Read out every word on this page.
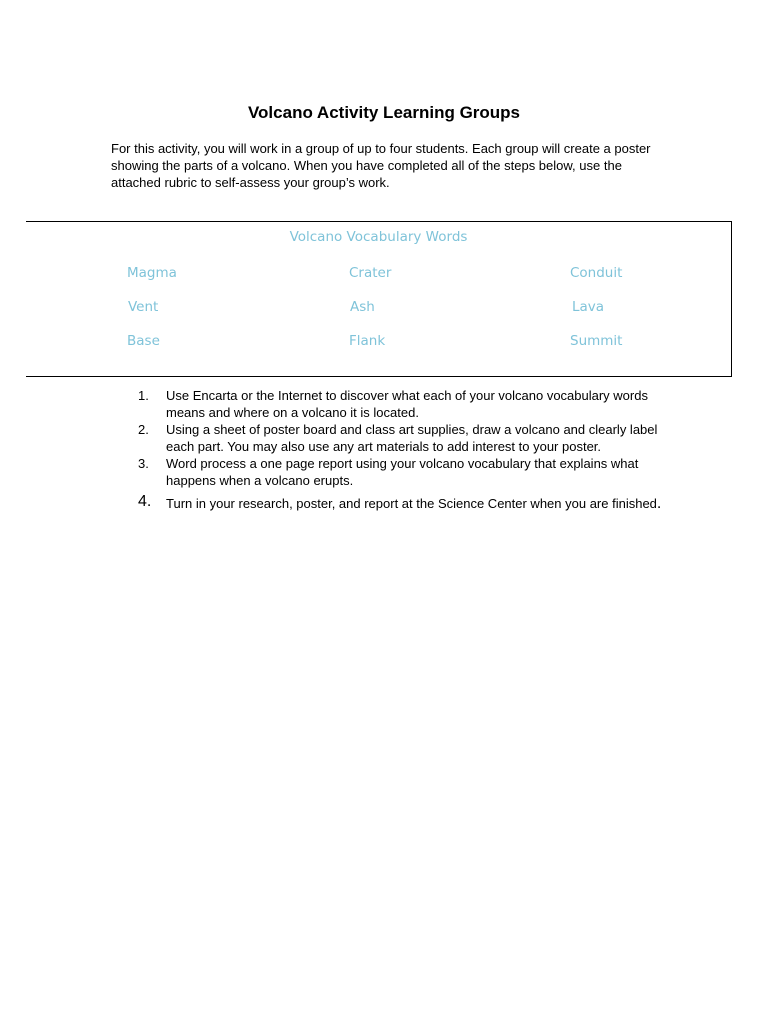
Volcano Activity Learning Groups

For this activity, you will work in a group of up to four students. Each group will create a poster showing the parts of a volcano. When you have completed all of the steps below, use the attached rubric to self-assess your group’s work.

Volcano Vocabulary Words
Magma	Crater	Conduit
Vent	Ash	Lava
Base	Flank	Summit
1. Use Encarta or the Internet to discover what each of your volcano vocabulary words means and where on a volcano it is located.
2. Using a sheet of poster board and class art supplies, draw a volcano and clearly label each part. You may also use any art materials to add interest to your poster.
3. Word process a one page report using your volcano vocabulary that explains what happens when a volcano erupts.
4. Turn in your research, poster, and report at the Science Center when you are finished.
